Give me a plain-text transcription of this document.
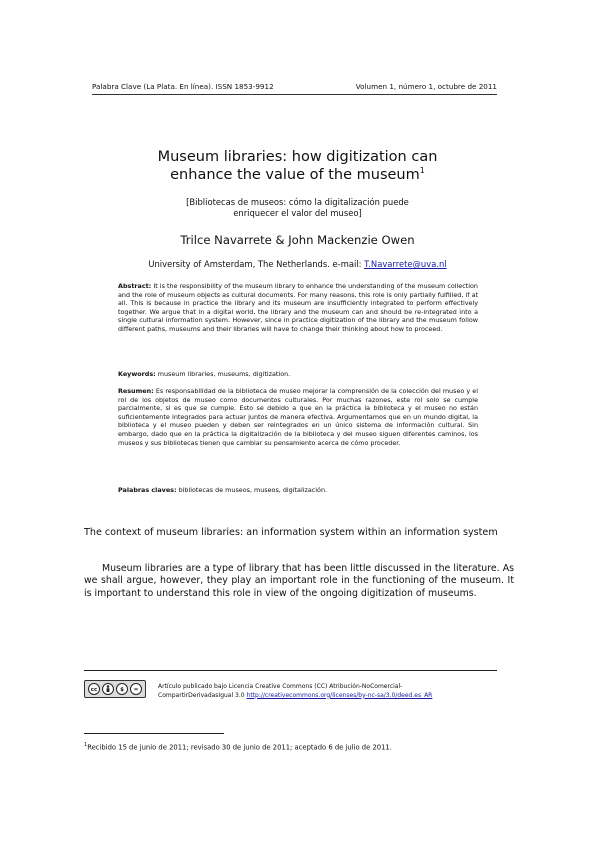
Palabra Clave (La Plata. En línea). ISSN 1853-9912	Volumen 1, número 1, octubre de 2011
Museum libraries: how digitization can
enhance the value of the museum$^1$
[Bibliotecas de museos: cómo la digitalización puede
enriquecer el valor del museo]
Trilce Navarrete & John Mackenzie Owen
University of Amsterdam, The Netherlands. e-mail: T.Navarrete@uva.nl
Abstract: It is the responsibility of the museum library to enhance the understanding of the museum collection and the role of museum objects as cultural documents. For many reasons, this role is only partially fulfilled, if at all. This is because in practice the library and its museum are insufficiently integrated to perform effectively together. We argue that in a digital world, the library and the museum can and should be re-integrated into a single cultural information system. However, since in practice digitization of the library and the museum follow different paths, museums and their libraries will have to change their thinking about how to proceed.
Keywords: museum libraries, museums, digitization.
Resumen: Es responsabilidad de la biblioteca de museo mejorar la comprensión de la colección del museo y el rol de los objetos de museo como documentos culturales. Por muchas razones, este rol solo se cumple parcialmente, si es que se cumple. Esto se debido a que en la práctica la biblioteca y el museo no están suficientemente integrados para actuar juntos de manera efectiva. Argumentamos que en un mundo digital, la biblioteca y el museo pueden y deben ser reintegrados en un único sistema de información cultural. Sin embargo, dado que en la práctica la digitalización de la biblioteca y del museo siguen diferentes caminos, los museos y sus bibliotecas tienen que cambiar su pensamiento acerca de cómo proceder.
Palabras claves: bibliotecas de museos, museos, digitalización.
The context of museum libraries: an information system within an information system
Museum libraries are a type of library that has been little discussed in the literature. As we shall argue, however, they play an important role in the functioning of the museum. It is important to understand this role in view of the ongoing digitization of museums.
cc	$	=	Artículo publicado bajo Licencia Creative Commons (CC) Atribución-NoComercial-
CompartirDerivadasIgual 3.0 http://creativecommons.org/licenses/by-nc-sa/3.0/deed.es_AR
$^1$Recibido 15 de junio de 2011; revisado 30 de junio de 2011; aceptado 6 de julio de 2011.
